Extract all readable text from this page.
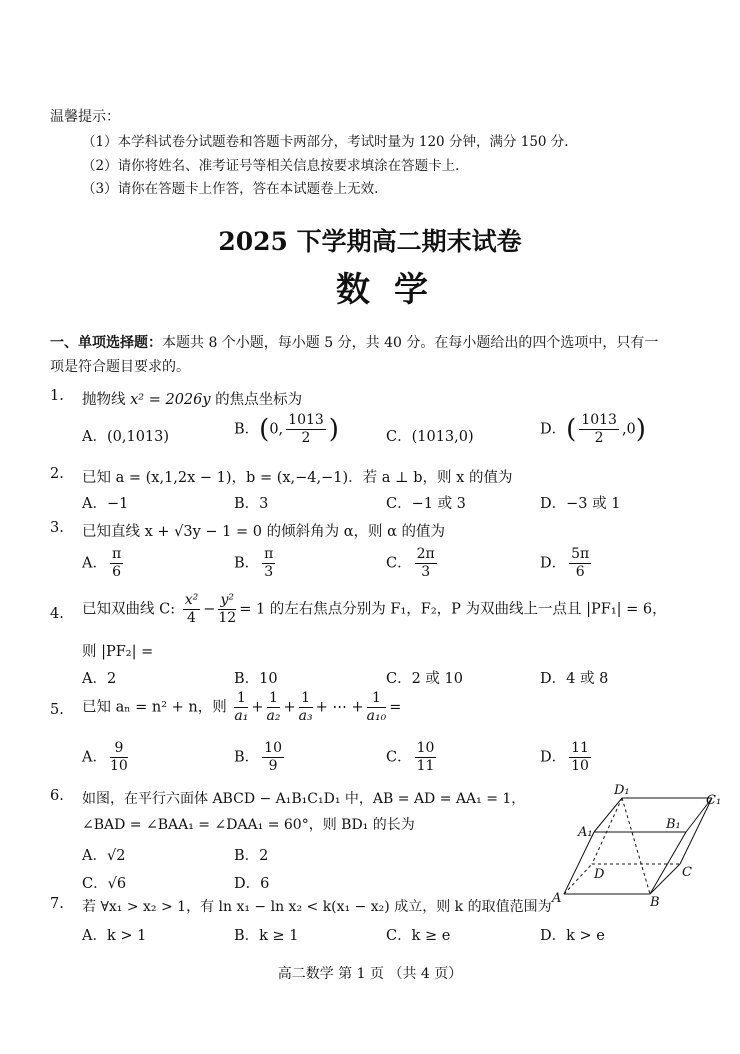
温馨提示：
（1）本学科试卷分试题卷和答题卡两部分，考试时量为 120 分钟，满分 150 分.
（2）请你将姓名、准考证号等相关信息按要求填涂在答题卡上.
（3）请你在答题卡上作答，答在本试题卷上无效.
2025 下学期高二期末试卷
数学
一、单项选择题：本题共 8 个小题，每小题 5 分，共 40 分。在每小题给出的四个选项中，只有一
项是符合题目要求的。
1. 抛物线 x² = 2026y 的焦点坐标为
A．(0,1013)	B．(0, $\frac{1013}{2}$ )	C．(1013,0)	D．( $\frac{1013}{2} ,0$)
2. 已知 a = (x,1,2x − 1)，b = (x,−4,−1)．若 a ⊥ b，则 x 的值为
A．−1	B．3	C．−1 或 3	D．−3 或 1
3. 已知直线 x + √3y − 1 = 0 的倾斜角为 α，则 α 的值为
A． $\frac{\pi}{6}$	B． $\frac{\pi}{3}$	C． $\frac{2\pi}{3}$	D． $\frac{5\pi}{6}$
4. 已知双曲线 C: $\frac{\text{x²}}{4} - \frac{\text{y²}}{12} = 1$ 的左右焦点分别为 F₁，F₂，P 为双曲线上一点且 |PF₁| = 6，
则 |PF₂| =
A．2	B．10	C．2 或 10	D．4 或 8
5. 已知 aₙ = n² + n，则 $\frac{1}{\text{a₁}} + \frac{1}{\text{a₂}} + \frac{1}{\text{a₃}}$ + ⋯ + $\frac{1}{\text{a₁₀}}$ =
A． $\frac{9}{10}$	B． $\frac{10}{9}$	C． $\frac{10}{11}$	D． $\frac{11}{10}$
6. 如图，在平行六面体 ABCD − A₁B₁C₁D₁ 中，AB = AD = AA₁ = 1，
∠BAD = ∠BAA₁ = ∠DAA₁ = 60°，则 BD₁ 的长为
A．√2	B．2
C．√6	D．6
D₁
C₁
A₁
B₁
D	C
A	B
7. 若 ∀x₁ > x₂ > 1，有 ln x₁ − ln x₂ < k(x₁ − x₂) 成立，则 k 的取值范围为
A．k > 1	B．k ≥ 1	C．k ≥ e	D．k > e
高二数学 第 1 页 （共 4 页）
